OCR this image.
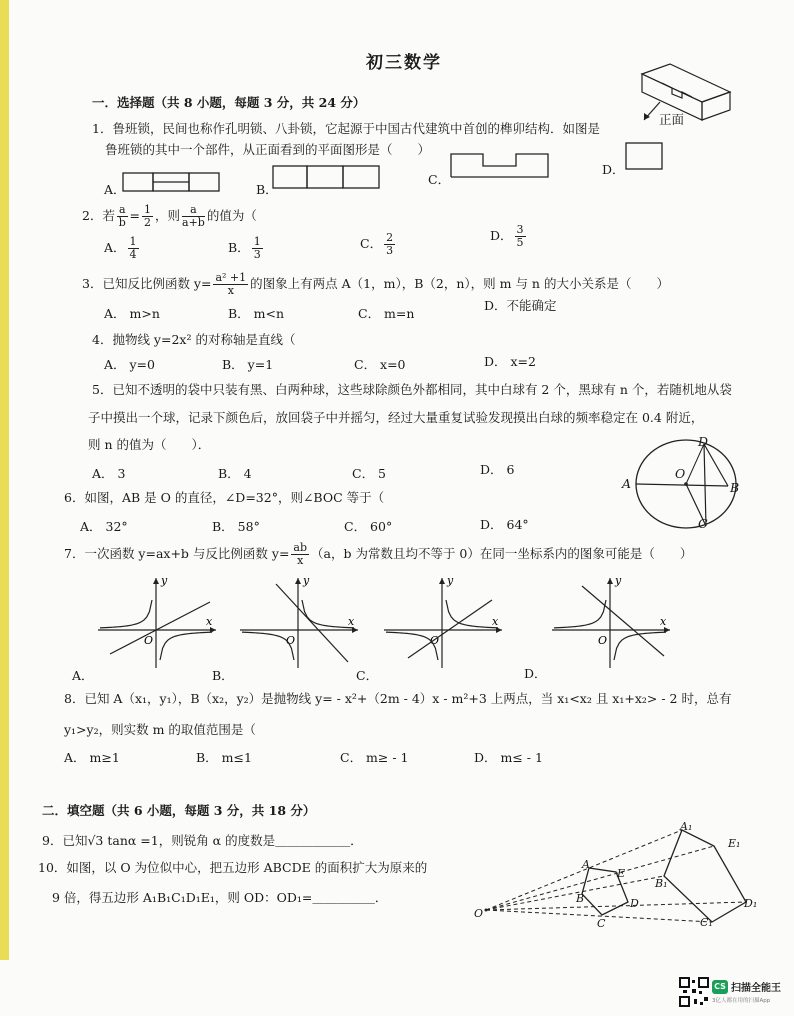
初三数学
一．选择题（共 8 小题，每题 3 分，共 24 分）
正面
1．鲁班锁，民间也称作孔明锁、八卦锁，它起源于中国古代建筑中首创的榫卯结构．如图是
鲁班锁的其中一个部件，从正面看到的平面图形是（　　）
A．	B．
C．
D．
2．若 $\frac{a}{b} = \frac{1}{2}$ ，则 $\frac{a}{a+b}$ 的值为（
A． $\frac{1}{4}$	B． $\frac{1}{3}$	C． $\frac{2}{3}$	D． $\frac{3}{5}$
3．已知反比例函数 $y= \frac{\text{a² +1}}{x}$ 的图象上有两点 A（1，m），B（2，n），则 m 与 n 的大小关系是（　　）
A． m>n	B． m<n	C． m=n
D．不能确定
4．抛物线 y=2x² 的对称轴是直线（
A． y=0	B． y=1	C． x=0	D． x=2
5．已知不透明的袋中只装有黑、白两种球，这些球除颜色外都相同，其中白球有 2 个，黑球有 n 个，若随机地从袋
子中摸出一个球，记录下颜色后，放回袋子中并摇匀，经过大量重复试验发现摸出白球的频率稳定在 0.4 附近，
则 n 的值为（　　）．
A． 3	B． 4	C． 5	D． 6
A	B
C
D
O
6．如图，AB 是 O 的直径，∠D=32°，则∠BOC 等于（
A． 32°	B． 58°	C． 60°	D． 64°
7．一次函数 y=ax+b 与反比例函数 $y= \frac{ab}{x} (a$，b 为常数且均不等于 0）在同一坐标系内的图象可能是（　　）
x
y
O
x
y
O
x
y
O
x
y
O
A．	B．	C．	D．
8．已知 A（x₁，y₁），B（x₂，y₂）是抛物线 y= - x²+（2m - 4）x - m²+3 上两点，当 x₁<x₂ 且 x₁+x₂> - 2 时，总有
y₁>y₂，则实数 m 的取值范围是（
A． m≥1	B． m≤1	C． m≥ - 1	D． m≤ - 1
二．填空题（共 6 小题，每题 3 分，共 18 分）
9．已知√3 tanα =1，则锐角 α 的度数是＿＿＿＿＿＿．
10．如图，以 O 为位似中心，把五边形 ABCDE 的面积扩大为原来的
9 倍，得五边形 A₁B₁C₁D₁E₁，则 OD：OD₁=＿＿＿＿＿．
O
A
B
C
D
E
A₁
B₁
C₁
D₁
E₁
CS 扫描全能王
3亿人都在用的扫描App
